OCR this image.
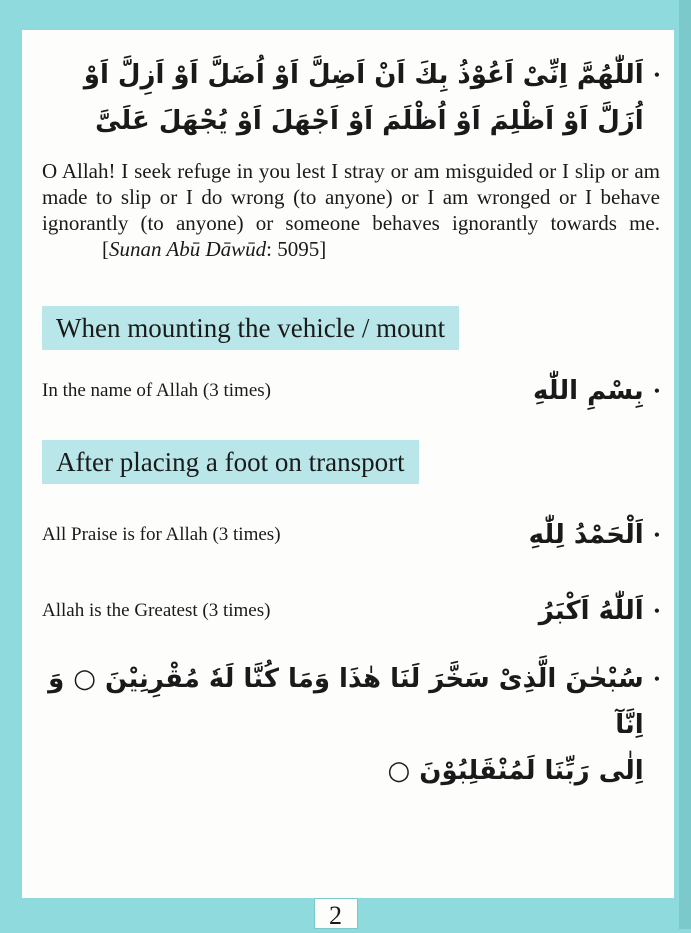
•
اَللّٰهُمَّ اِنِّىْ اَعُوْذُ بِكَ اَنْ اَضِلَّ اَوْ اُضَلَّ اَوْ اَزِلَّ اَوْ
اُزَلَّ اَوْ اَظْلِمَ اَوْ اُظْلَمَ اَوْ اَجْهَلَ اَوْ يُجْهَلَ عَلَىَّ
O Allah! I seek refuge in you lest I stray or am misguided or I slip or am made to slip or I do wrong (to anyone) or I am wronged or I behave ignorantly (to anyone) or someone behaves ignorantly towards me. [Sunan Abū Dāwūd: 5095]
When mounting the vehicle / mount
In the name of Allah (3 times)	•
بِسْمِ اللّٰهِ
After placing a foot on transport
All Praise is for Allah (3 times)	•
اَلْحَمْدُ لِلّٰهِ
Allah is the Greatest (3 times)	•
اَللّٰهُ اَكْبَرُ
•
سُبْحٰنَ الَّذِىْ سَخَّرَ لَنَا هٰذَا وَمَا كُنَّا لَهٗ مُقْرِنِيْنَ ○ وَ اِنَّآ
اِلٰى رَبِّنَا لَمُنْقَلِبُوْنَ ○
2
